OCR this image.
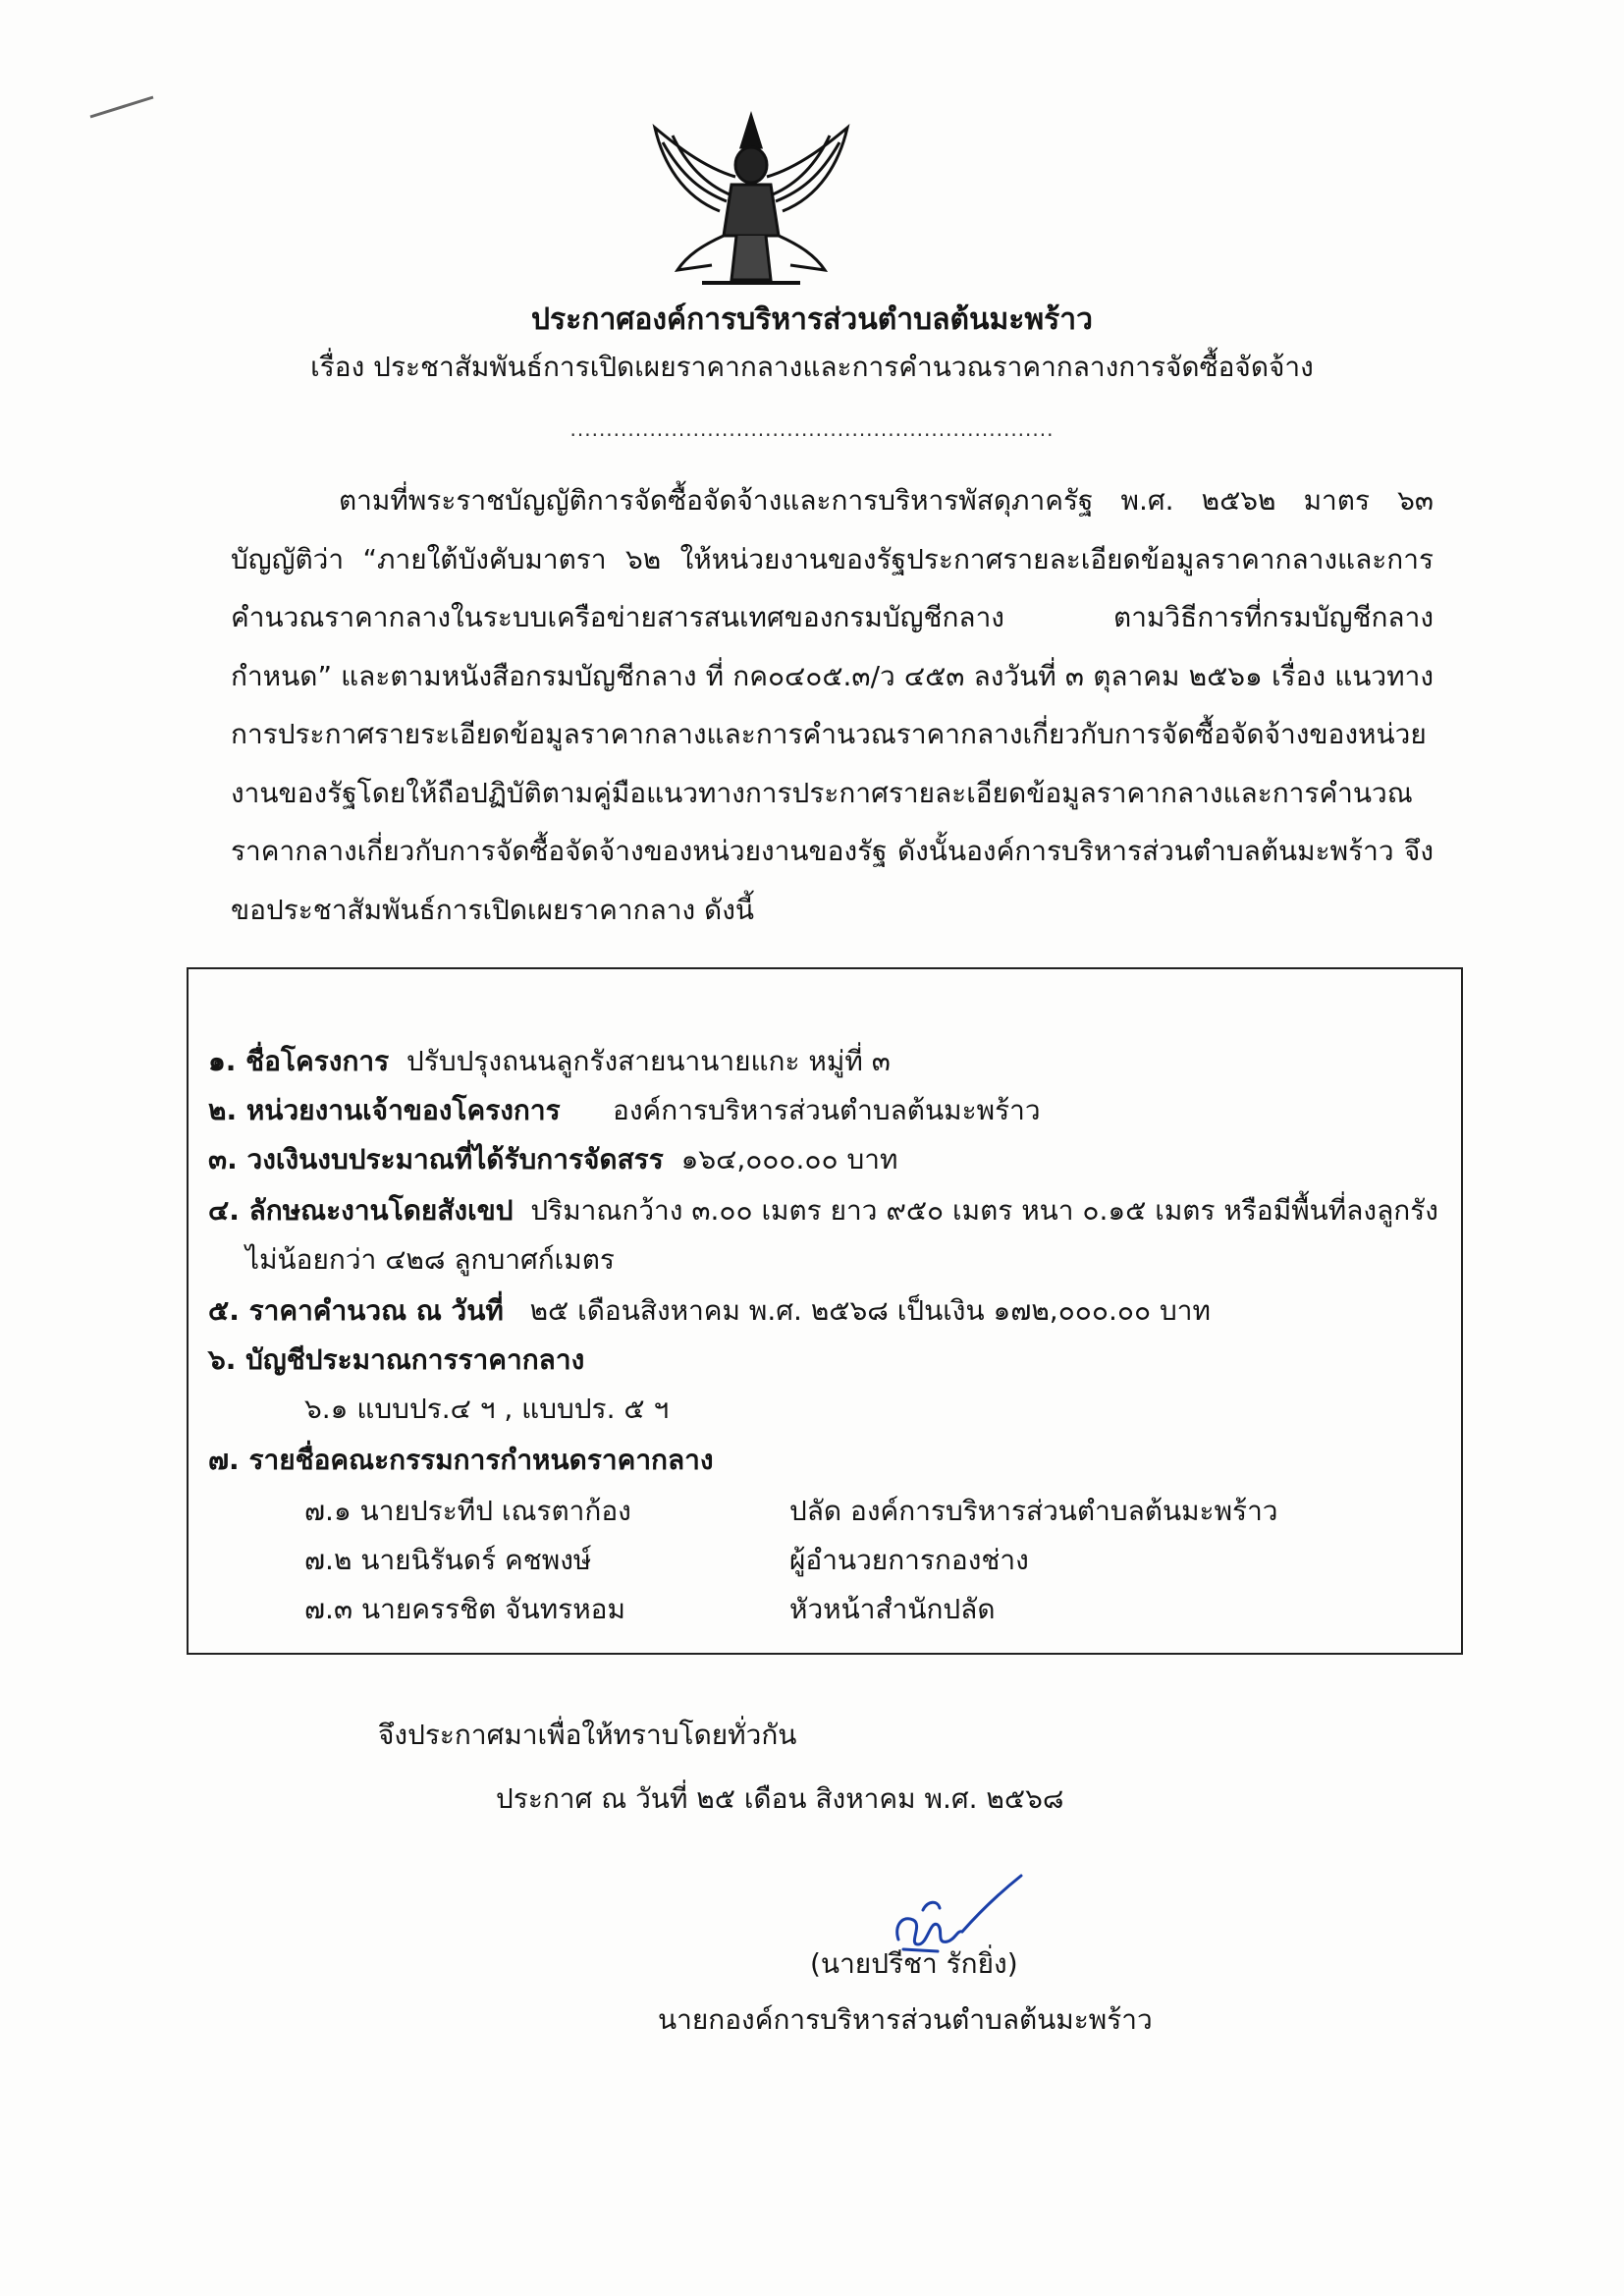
ประกาศองค์การบริหารส่วนตำบลต้นมะพร้าว
เรื่อง ประชาสัมพันธ์การเปิดเผยราคากลางและการคำนวณราคากลางการจัดซื้อจัดจ้าง
...................................................................

ตามที่พระราชบัญญัติการจัดซื้อจัดจ้างและการบริหารพัสดุภาครัฐ พ.ศ. ๒๕๖๒ มาตร ๖๓ บัญญัติว่า “ภายใต้บังคับมาตรา ๖๒ ให้หน่วยงานของรัฐประกาศรายละเอียดข้อมูลราคากลางและการคำนวณราคากลางในระบบเครือข่ายสารสนเทศของกรมบัญชีกลาง ตามวิธีการที่กรมบัญชีกลางกำหนด” และตามหนังสือกรมบัญชีกลาง ที่ กค๐๔๐๕.๓/ว ๔๕๓ ลงวันที่ ๓ ตุลาคม ๒๕๖๑ เรื่อง แนวทางการประกาศรายระเอียดข้อมูลราคากลางและการคำนวณราคากลางเกี่ยวกับการจัดซื้อจัดจ้างของหน่วยงานของรัฐโดยให้ถือปฏิบัติตามคู่มือแนวทางการประกาศรายละเอียดข้อมูลราคากลางและการคำนวณราคากลางเกี่ยวกับการจัดซื้อจัดจ้างของหน่วยงานของรัฐ ดังนั้นองค์การบริหารส่วนตำบลต้นมะพร้าว จึงขอประชาสัมพันธ์การเปิดเผยราคากลาง ดังนี้

๑. ชื่อโครงการ ปรับปรุงถนนลูกรังสายนานายแกะ หมู่ที่ ๓
๒. หน่วยงานเจ้าของโครงการ องค์การบริหารส่วนตำบลต้นมะพร้าว
๓. วงเงินงบประมาณที่ได้รับการจัดสรร ๑๖๔,๐๐๐.๐๐ บาท
๔. ลักษณะงานโดยสังเขป ปริมาณกว้าง ๓.๐๐ เมตร ยาว ๙๕๐ เมตร หนา ๐.๑๕ เมตร หรือมีพื้นที่ลงลูกรัง
ไม่น้อยกว่า ๔๒๘ ลูกบาศก์เมตร
๕. ราคาคำนวณ ณ วันที่ ๒๕ เดือนสิงหาคม พ.ศ. ๒๕๖๘ เป็นเงิน ๑๗๒,๐๐๐.๐๐ บาท
๖. บัญชีประมาณการราคากลาง
๖.๑ แบบปร.๔ ฯ , แบบปร. ๕ ฯ
๗. รายชื่อคณะกรรมการกำหนดราคากลาง
๗.๑ นายประทีป เณรตาก้อง	ปลัด องค์การบริหารส่วนตำบลต้นมะพร้าว
๗.๒ นายนิรันดร์ คชพงษ์	ผู้อำนวยการกองช่าง
๗.๓ นายครรชิต จันทรหอม	หัวหน้าสำนักปลัด
จึงประกาศมาเพื่อให้ทราบโดยทั่วกัน
ประกาศ ณ วันที่ ๒๕ เดือน สิงหาคม พ.ศ. ๒๕๖๘
(นายปรีชา รักยิ่ง)
นายกองค์การบริหารส่วนตำบลต้นมะพร้าว
